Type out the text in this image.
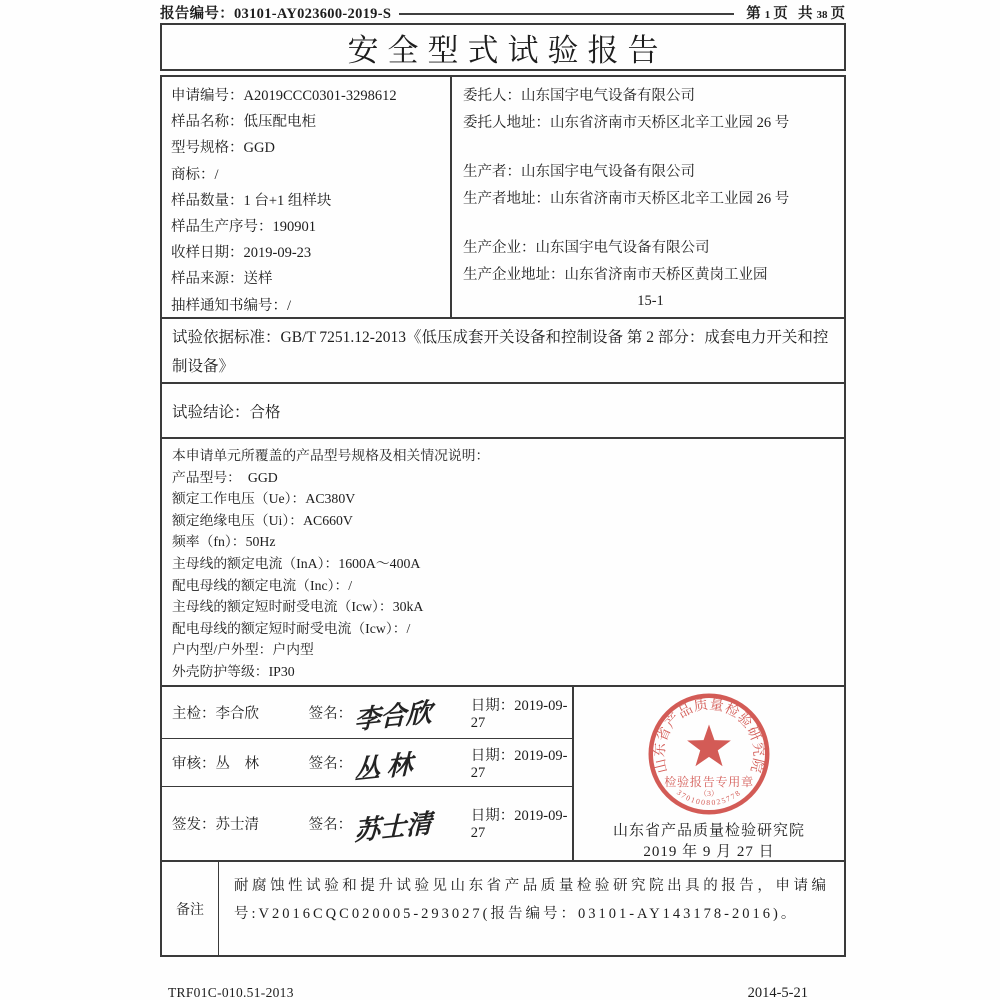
报告编号：03101-AY023600-2019-S	第 1 页 共 38 页
安全型式试验报告
申请编号：A2019CCC0301-3298612
样品名称：低压配电柜
型号规格：GGD
商标：/
样品数量：1 台+1 组样块
样品生产序号：190901
收样日期：2019-09-23
样品来源：送样
抽样通知书编号：/
委托人：山东国宇电气设备有限公司
委托人地址：山东省济南市天桥区北辛工业园 26 号
生产者：山东国宇电气设备有限公司
生产者地址：山东省济南市天桥区北辛工业园 26 号
生产企业：山东国宇电气设备有限公司
生产企业地址：山东省济南市天桥区黄岗工业园
15-1
试验依据标准：GB/T 7251.12-2013《低压成套开关设备和控制设备 第 2 部分：成套电力开关和控制设备》
试验结论：合格
本申请单元所覆盖的产品型号规格及相关情况说明：
产品型号：  GGD
额定工作电压（Ue）：AC380V
额定绝缘电压（Ui）：AC660V
频率（fn）：50Hz
主母线的额定电流（InA）：1600A～400A
配电母线的额定电流（Inc）：/
主母线的额定短时耐受电流（Icw）：30kA
配电母线的额定短时耐受电流（Icw）：/
户内型/户外型：户内型
外壳防护等级：IP30
主检：李合欣	签名： 李合欣	日期：2019-09-27
审核：丛　林	签名： 丛 林	日期：2019-09-27
签发：苏士清	签名： 苏士清	日期：2019-09-27
山东省产品质量检验研究院
检验报告专用章
（3）
3701008025778
山东省产品质量检验研究院
2019 年 9 月 27 日
备注
耐腐蚀性试验和提升试验见山东省产品质量检验研究院出具的报告，申请编号:V2016CQC020005-293027(报告编号：03101-AY143178-2016)。
TRF01C-010.51-2013	2014-5-21
